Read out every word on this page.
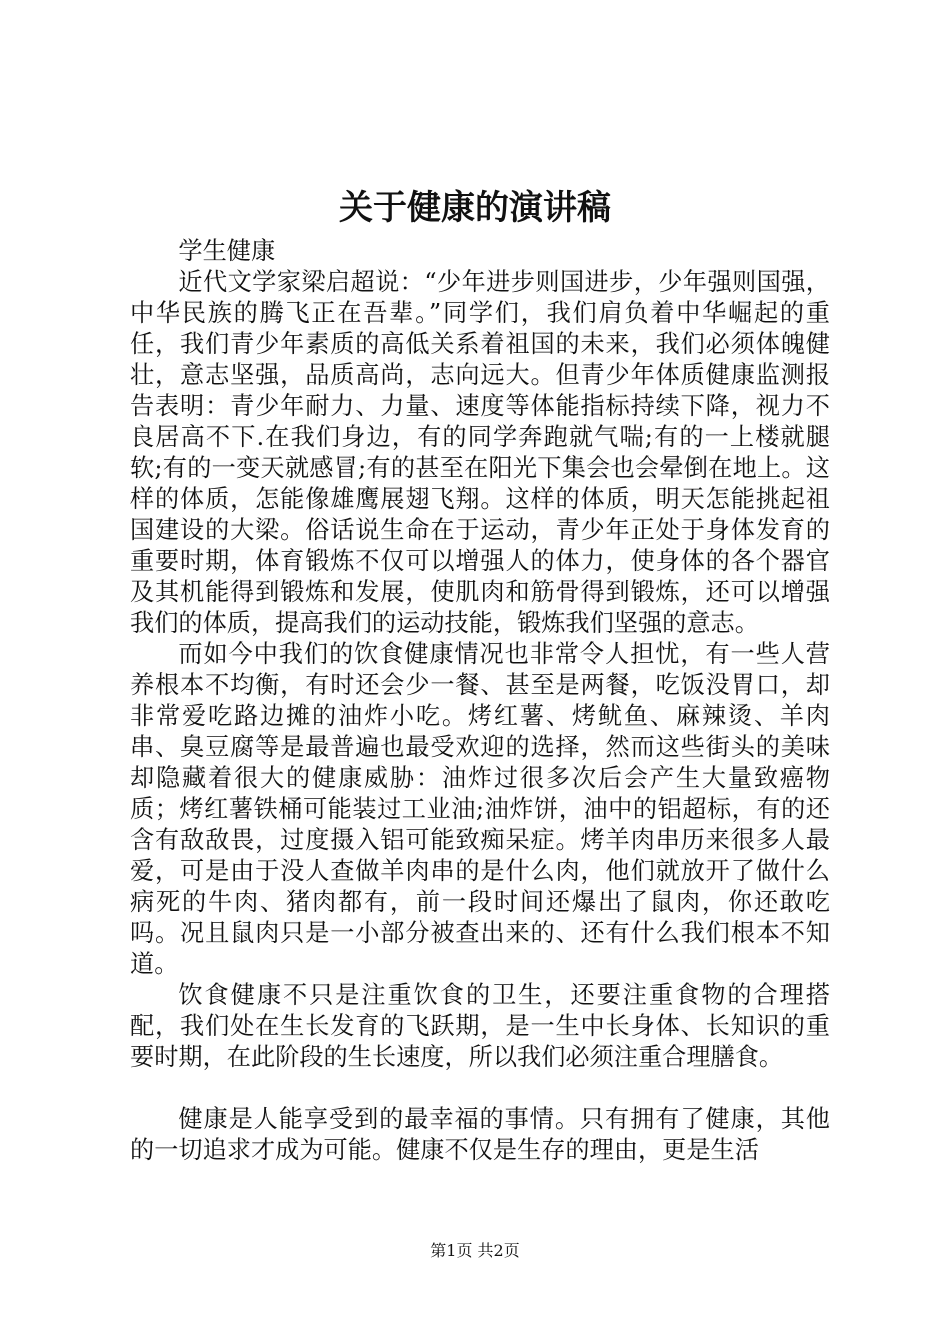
关于健康的演讲稿

学生健康

近代文学家梁启超说：“少年进步则国进步，少年强则国强，中华民族的腾飞正在吾辈。”同学们，我们肩负着中华崛起的重任，我们青少年素质的高低关系着祖国的未来，我们必须体魄健壮，意志坚强，品质高尚，志向远大。但青少年体质健康监测报告表明：青少年耐力、力量、速度等体能指标持续下降，视力不良居高不下.在我们身边，有的同学奔跑就气喘;有的一上楼就腿软;有的一变天就感冒;有的甚至在阳光下集会也会晕倒在地上。这样的体质，怎能像雄鹰展翅飞翔。这样的体质，明天怎能挑起祖国建设的大梁。俗话说生命在于运动，青少年正处于身体发育的重要时期，体育锻炼不仅可以增强人的体力，使身体的各个器官及其机能得到锻炼和发展，使肌肉和筋骨得到锻炼，还可以增强我们的体质，提高我们的运动技能，锻炼我们坚强的意志。

而如今中我们的饮食健康情况也非常令人担忧，有一些人营养根本不均衡，有时还会少一餐、甚至是两餐，吃饭没胃口，却非常爱吃路边摊的油炸小吃。烤红薯、烤鱿鱼、麻辣烫、羊肉串、臭豆腐等是最普遍也最受欢迎的选择，然而这些街头的美味却隐藏着很大的健康威胁：油炸过很多次后会产生大量致癌物质；烤红薯铁桶可能装过工业油;油炸饼，油中的铝超标，有的还含有敌敌畏，过度摄入铝可能致痴呆症。烤羊肉串历来很多人最爱，可是由于没人查做羊肉串的是什么肉，他们就放开了做什么病死的牛肉、猪肉都有，前一段时间还爆出了鼠肉，你还敢吃吗。况且鼠肉只是一小部分被查出来的、还有什么我们根本不知道。

饮食健康不只是注重饮食的卫生，还要注重食物的合理搭配，我们处在生长发育的飞跃期，是一生中长身体、长知识的重要时期，在此阶段的生长速度，所以我们必须注重合理膳食。

健康是人能享受到的最幸福的事情。只有拥有了健康，其他的一切追求才成为可能。健康不仅是生存的理由，更是生活

第1页 共2页
